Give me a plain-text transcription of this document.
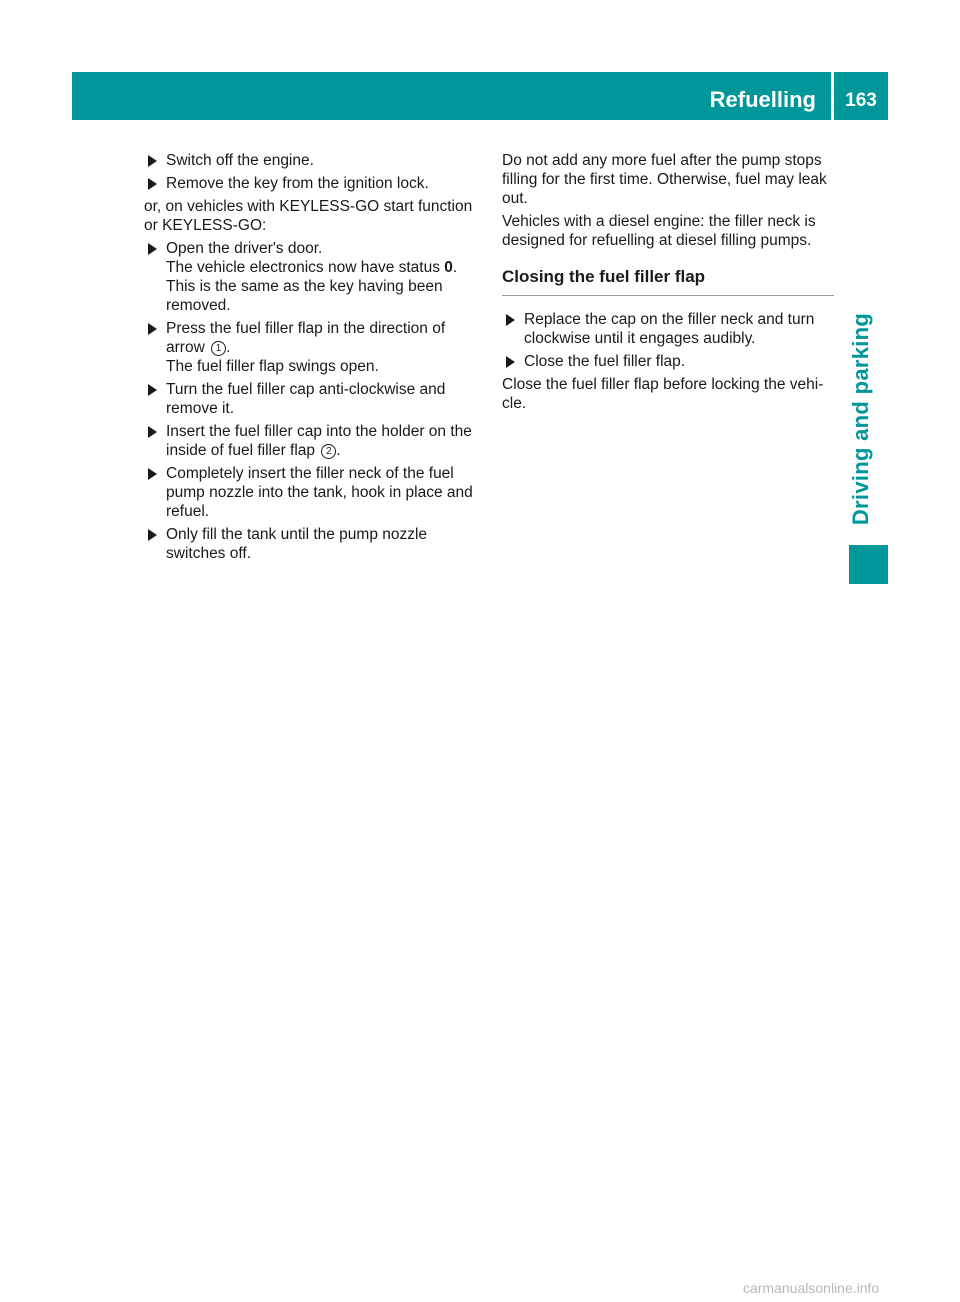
Refuelling	163
Driving and parking

Switch off the engine.

Remove the key from the ignition lock.

or, on vehicles with KEYLESS-GO start function or KEYLESS-GO:

Open the driver's door.

The vehicle electronics now have status 0.

This is the same as the key having been removed.

Press the fuel filler flap in the direction of arrow 1 .

The fuel filler flap swings open.

Turn the fuel filler cap anti-clockwise and remove it.

Insert the fuel filler cap into the holder on the inside of fuel filler flap 2 .

Completely insert the filler neck of the fuel pump nozzle into the tank, hook in place and refuel.

Only fill the tank until the pump nozzle switches off.

Do not add any more fuel after the pump stops filling for the first time. Otherwise, fuel may leak out.

Vehicles with a diesel engine: the filler neck is designed for refuelling at diesel filling pumps.

Closing the fuel filler flap

Replace the cap on the filler neck and turn clockwise until it engages audibly.

Close the fuel filler flap.

Close the fuel filler flap before locking the vehi-cle.

carmanualsonline.info
